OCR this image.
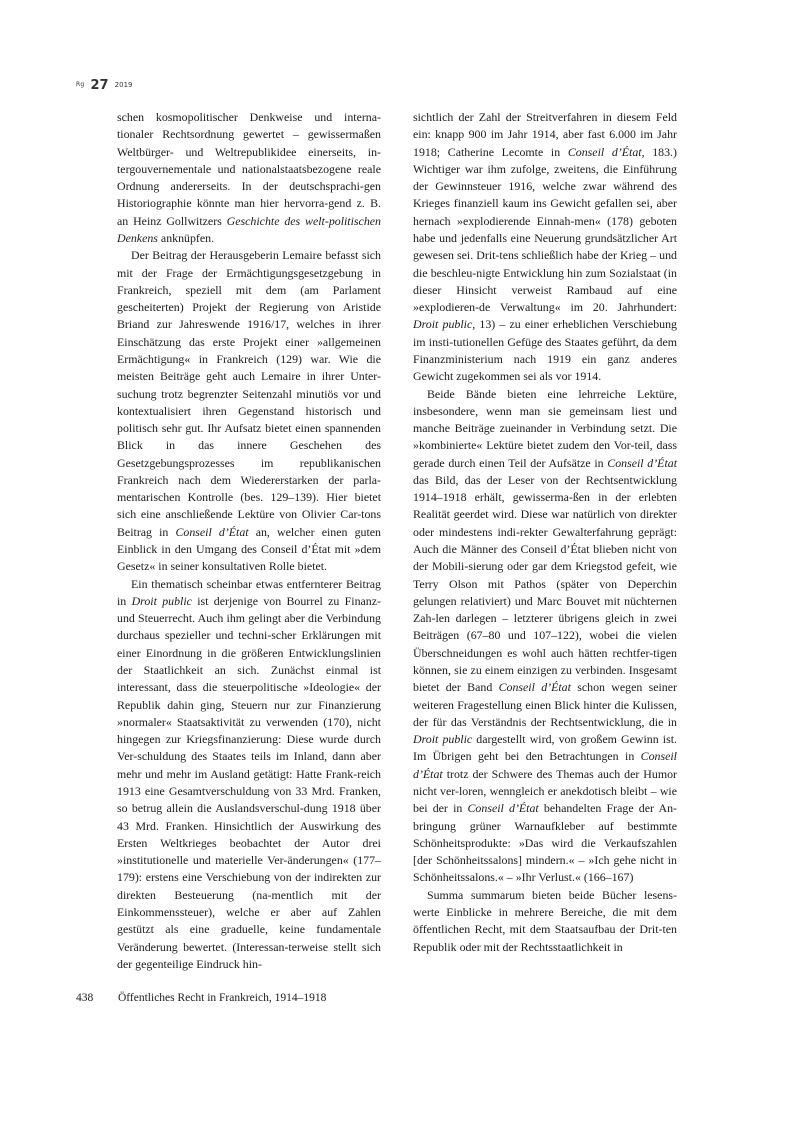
Rg 27 2019

schen kosmopolitischer Denkweise und interna-tionaler Rechtsordnung gewertet – gewissermaßen Weltbürger- und Weltrepublikidee einerseits, in-tergouvernementale und nationalstaatsbezogene reale Ordnung andererseits. In der deutschsprachi-gen Historiographie könnte man hier hervorra-gend z. B. an Heinz Gollwitzers Geschichte des welt-politischen Denkens anknüpfen.

Der Beitrag der Herausgeberin Lemaire befasst sich mit der Frage der Ermächtigungsgesetzgebung in Frankreich, speziell mit dem (am Parlament gescheiterten) Projekt der Regierung von Aristide Briand zur Jahreswende 1916/17, welches in ihrer Einschätzung das erste Projekt einer »allgemeinen Ermächtigung« in Frankreich (129) war. Wie die meisten Beiträge geht auch Lemaire in ihrer Unter-suchung trotz begrenzter Seitenzahl minutiös vor und kontextualisiert ihren Gegenstand historisch und politisch sehr gut. Ihr Aufsatz bietet einen spannenden Blick in das innere Geschehen des Gesetzgebungsprozesses im republikanischen Frankreich nach dem Wiedererstarken der parla-mentarischen Kontrolle (bes. 129–139). Hier bietet sich eine anschließende Lektüre von Olivier Car-tons Beitrag in Conseil d’État an, welcher einen guten Einblick in den Umgang des Conseil d’État mit »dem Gesetz« in seiner konsultativen Rolle bietet.

Ein thematisch scheinbar etwas entfernterer Beitrag in Droit public ist derjenige von Bourrel zu Finanz- und Steuerrecht. Auch ihm gelingt aber die Verbindung durchaus spezieller und techni-scher Erklärungen mit einer Einordnung in die größeren Entwicklungslinien der Staatlichkeit an sich. Zunächst einmal ist interessant, dass die steuerpolitische »Ideologie« der Republik dahin ging, Steuern nur zur Finanzierung »normaler« Staatsaktivität zu verwenden (170), nicht hingegen zur Kriegsfinanzierung: Diese wurde durch Ver-schuldung des Staates teils im Inland, dann aber mehr und mehr im Ausland getätigt: Hatte Frank-reich 1913 eine Gesamtverschuldung von 33 Mrd. Franken, so betrug allein die Auslandsverschul-dung 1918 über 43 Mrd. Franken. Hinsichtlich der Auswirkung des Ersten Weltkrieges beobachtet der Autor drei »institutionelle und materielle Ver-änderungen« (177–179): erstens eine Verschiebung von der indirekten zur direkten Besteuerung (na-mentlich mit der Einkommenssteuer), welche er aber auf Zahlen gestützt als eine graduelle, keine fundamentale Veränderung bewertet. (Interessan-terweise stellt sich der gegenteilige Eindruck hin-

sichtlich der Zahl der Streitverfahren in diesem Feld ein: knapp 900 im Jahr 1914, aber fast 6.000 im Jahr 1918; Catherine Lecomte in Conseil d’État, 183.) Wichtiger war ihm zufolge, zweitens, die Einführung der Gewinnsteuer 1916, welche zwar während des Krieges finanziell kaum ins Gewicht gefallen sei, aber hernach »explodierende Einnah-men« (178) geboten habe und jedenfalls eine Neuerung grundsätzlicher Art gewesen sei. Drit-tens schließlich habe der Krieg – und die beschleu-nigte Entwicklung hin zum Sozialstaat (in dieser Hinsicht verweist Rambaud auf eine »explodieren-de Verwaltung« im 20. Jahrhundert: Droit public, 13) – zu einer erheblichen Verschiebung im insti-tutionellen Gefüge des Staates geführt, da dem Finanzministerium nach 1919 ein ganz anderes Gewicht zugekommen sei als vor 1914.

Beide Bände bieten eine lehrreiche Lektüre, insbesondere, wenn man sie gemeinsam liest und manche Beiträge zueinander in Verbindung setzt. Die »kombinierte« Lektüre bietet zudem den Vor-teil, dass gerade durch einen Teil der Aufsätze in Conseil d’État das Bild, das der Leser von der Rechtsentwicklung 1914–1918 erhält, gewisserma-ßen in der erlebten Realität geerdet wird. Diese war natürlich von direkter oder mindestens indi-rekter Gewalterfahrung geprägt: Auch die Männer des Conseil d’État blieben nicht von der Mobili-sierung oder gar dem Kriegstod gefeit, wie Terry Olson mit Pathos (später von Deperchin gelungen relativiert) und Marc Bouvet mit nüchternen Zah-len darlegen – letzterer übrigens gleich in zwei Beiträgen (67–80 und 107–122), wobei die vielen Überschneidungen es wohl auch hätten rechtfer-tigen können, sie zu einem einzigen zu verbinden. Insgesamt bietet der Band Conseil d’État schon wegen seiner weiteren Fragestellung einen Blick hinter die Kulissen, der für das Verständnis der Rechtsentwicklung, die in Droit public dargestellt wird, von großem Gewinn ist. Im Übrigen geht bei den Betrachtungen in Conseil d’État trotz der Schwere des Themas auch der Humor nicht ver-loren, wenngleich er anekdotisch bleibt – wie bei der in Conseil d’État behandelten Frage der An-bringung grüner Warnaufkleber auf bestimmte Schönheitsprodukte: »Das wird die Verkaufszahlen [der Schönheitssalons] mindern.« – »Ich gehe nicht in Schönheitssalons.« – »Ihr Verlust.« (166–167)

Summa summarum bieten beide Bücher lesens-werte Einblicke in mehrere Bereiche, die mit dem öffentlichen Recht, mit dem Staatsaufbau der Drit-ten Republik oder mit der Rechtsstaatlichkeit in

438 Öffentliches Recht in Frankreich, 1914–1918
